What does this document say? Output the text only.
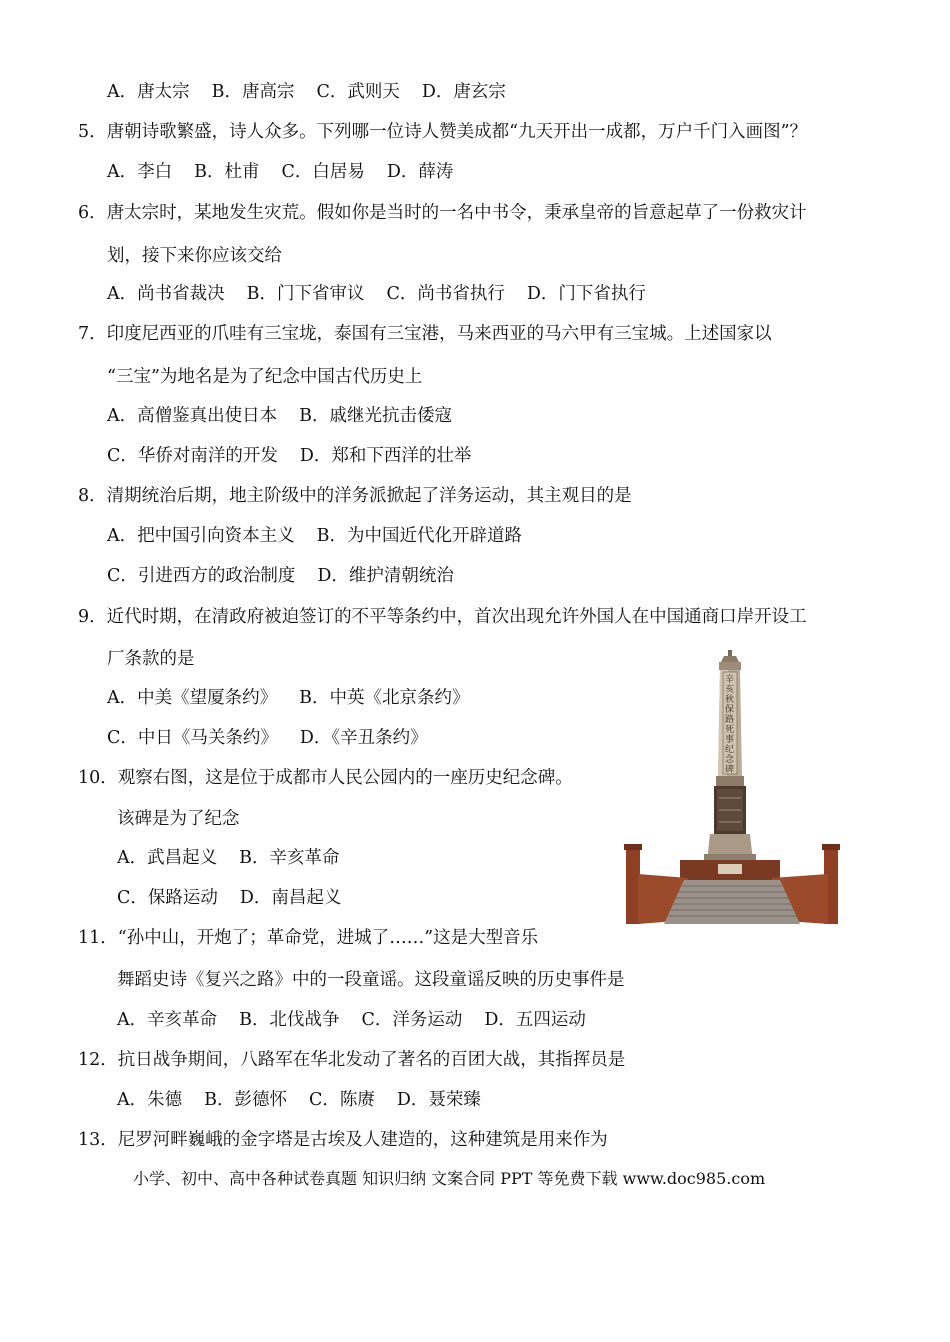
A．唐太宗 B．唐高宗 C．武则天 D．唐玄宗
5．唐朝诗歌繁盛，诗人众多。下列哪一位诗人赞美成都“九天开出一成都，万户千门入画图”？
A．李白 B．杜甫 C．白居易 D．薛涛
6．唐太宗时，某地发生灾荒。假如你是当时的一名中书令，秉承皇帝的旨意起草了一份救灾计
划，接下来你应该交给
A．尚书省裁决 B．门下省审议 C．尚书省执行 D．门下省执行
7．印度尼西亚的爪哇有三宝垅，泰国有三宝港，马来西亚的马六甲有三宝城。上述国家以
“三宝”为地名是为了纪念中国古代历史上
A．高僧鉴真出使日本 B．戚继光抗击倭寇
C．华侨对南洋的开发 D．郑和下西洋的壮举
8．清期统治后期，地主阶级中的洋务派掀起了洋务运动，其主观目的是
A．把中国引向资本主义 B．为中国近代化开辟道路
C．引进西方的政治制度 D．维护清朝统治
9．近代时期，在清政府被迫签订的不平等条约中，首次出现允许外国人在中国通商口岸开设工
厂条款的是
A．中美《望厦条约》 B．中英《北京条约》
C．中日《马关条约》 D．《辛丑条约》
10．观察右图，这是位于成都市人民公园内的一座历史纪念碑。
该碑是为了纪念
A．武昌起义 B．辛亥革命
C．保路运动 D．南昌起义
11．“孙中山，开炮了；革命党，进城了……”这是大型音乐
舞蹈史诗《复兴之路》中的一段童谣。这段童谣反映的历史事件是
A．辛亥革命 B．北伐战争 C．洋务运动 D．五四运动
12．抗日战争期间，八路军在华北发动了著名的百团大战，其指挥员是
A．朱德 B．彭德怀 C．陈赓 D．聂荣臻
13．尼罗河畔巍峨的金字塔是古埃及人建造的，这种建筑是用来作为
辛亥秋保路死事纪念碑
小学、初中、高中各种试卷真题 知识归纳 文案合同 PPT 等免费下载 www.doc985.com
